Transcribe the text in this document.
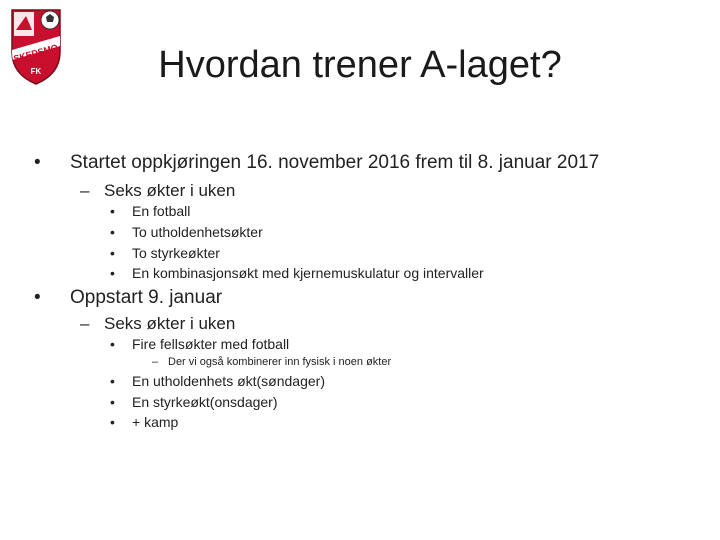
SKEDSMO
FK	Hvordan trener A-laget?
• Startet oppkjøringen 16. november 2016 frem til 8. januar 2017
– Seks økter i uken
• En fotball
• To utholdenhetsøkter
• To styrkeøkter
• En kombinasjonsøkt med kjernemuskulatur og intervaller
• Oppstart 9. januar
– Seks økter i uken
• Fire fellsøkter med fotball
– Der vi også kombinerer inn fysisk i noen økter
• En utholdenhets økt(søndager)
• En styrkeøkt(onsdager)
• + kamp
